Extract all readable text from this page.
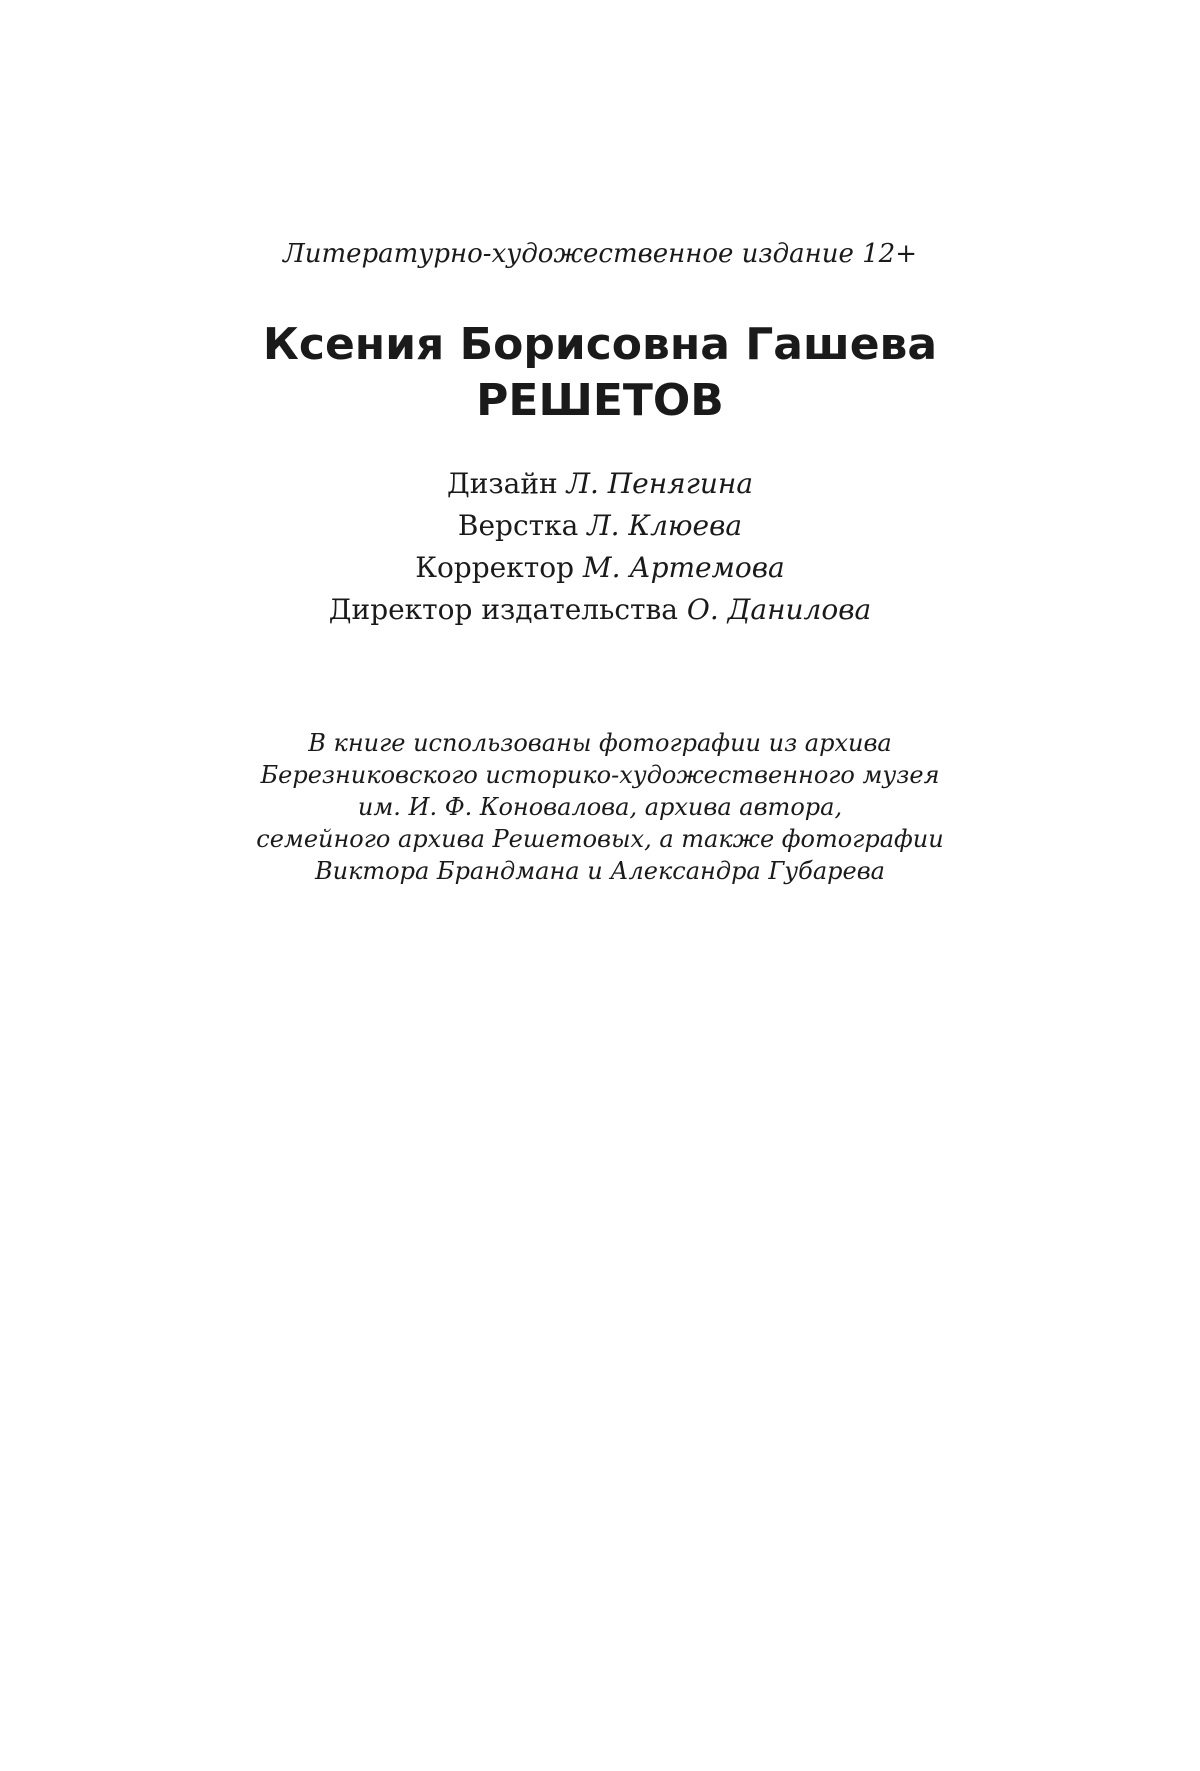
Литературно-художественное издание 12+
Ксения Борисовна Гашева
РЕШЕТОВ
Дизайн Л. Пенягина
Верстка Л. Клюева
Корректор М. Артемова
Директор издательства О. Данилова
В книге использованы фотографии из архива
Березниковского историко-художественного музея
им. И. Ф. Коновалова, архива автора,
семейного архива Решетовых, а также фотографии
Виктора Брандмана и Александра Губарева
